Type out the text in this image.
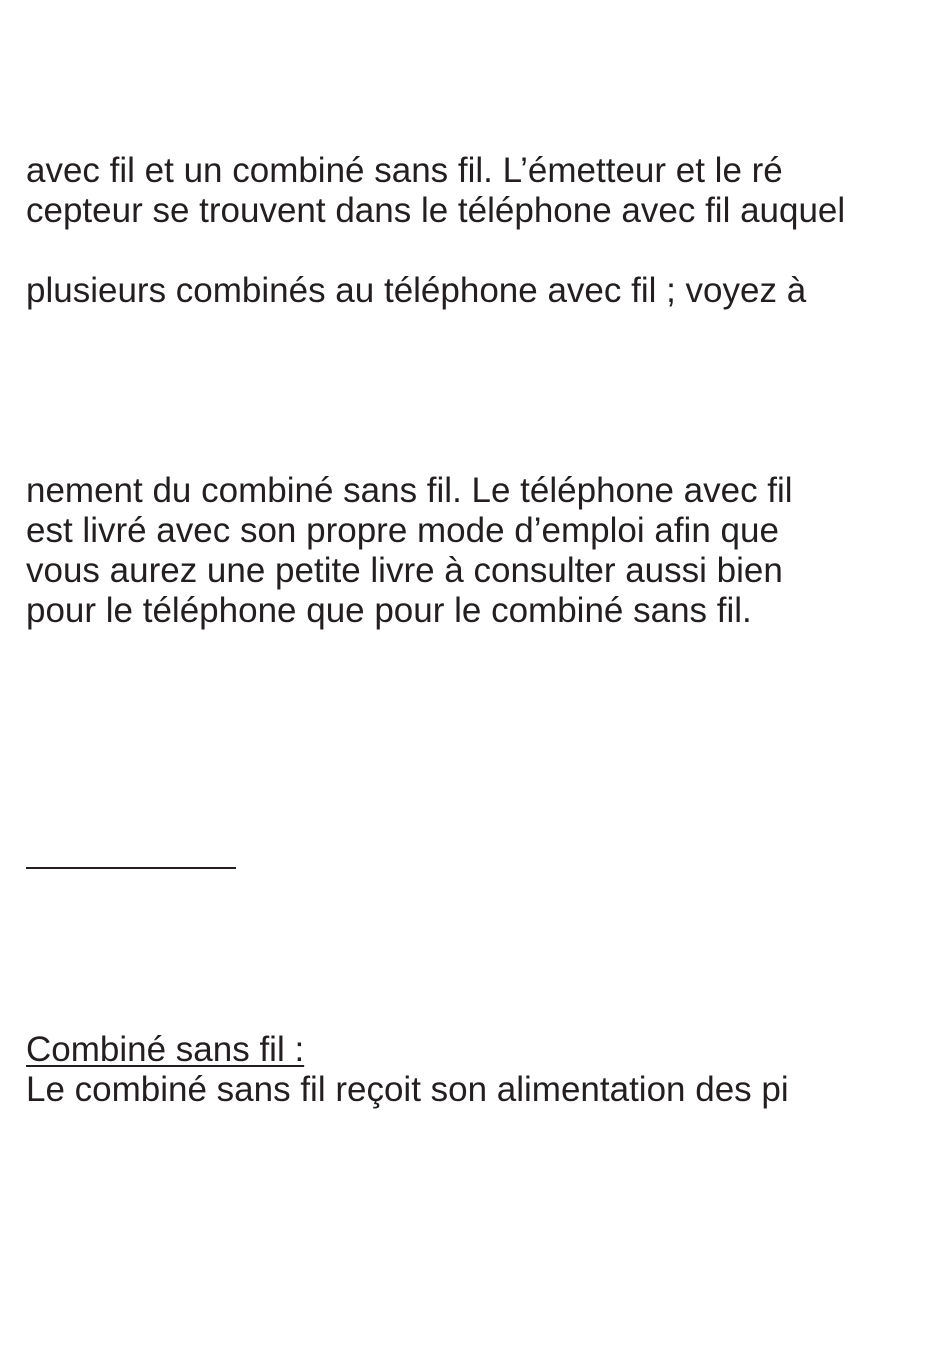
avec fil et un combiné sans fil. L’émetteur et le ré
cepteur se trouvent dans le téléphone avec fil auquel

plusieurs combinés au téléphone avec fil ; voyez à

nement du combiné sans fil. Le téléphone avec fil
est livré avec son propre mode d’emploi afin que
vous aurez une petite livre à consulter aussi bien
pour le téléphone que pour le combiné sans fil.
Combiné sans fil :
Le combiné sans fil reçoit son alimentation des pi
